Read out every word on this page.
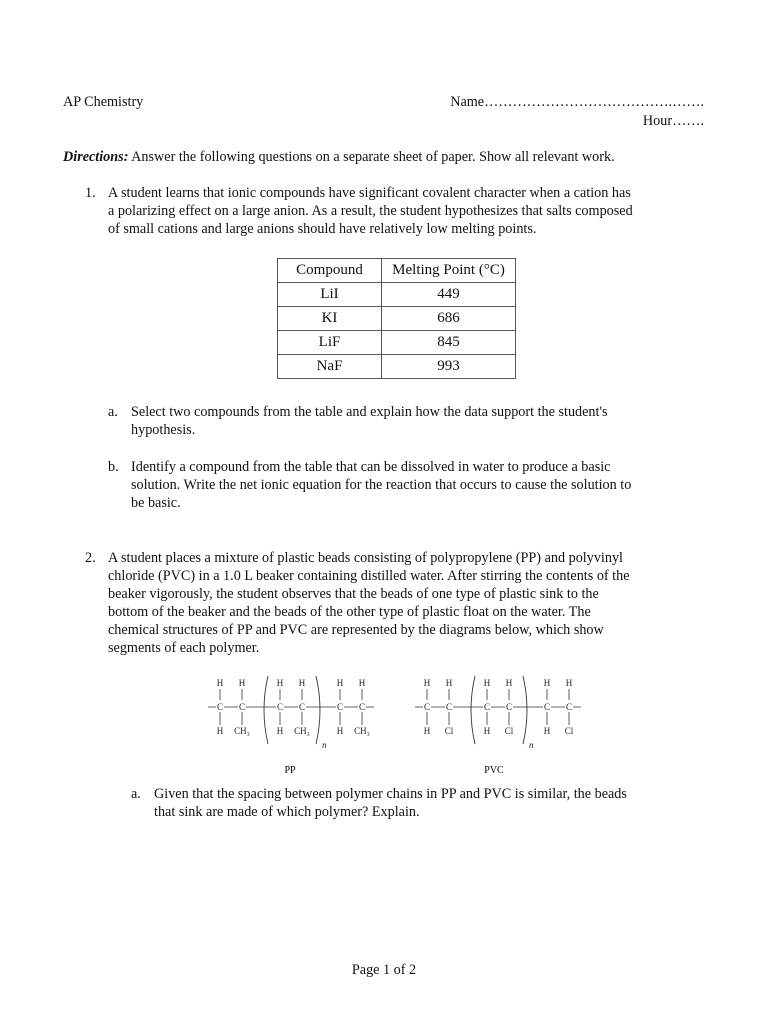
AP Chemistry	Name………………………………….…….
Hour…….
Directions: Answer the following questions on a separate sheet of paper. Show all relevant work.
1. A student learns that ionic compounds have significant covalent character when a cation has
a polarizing effect on a large anion. As a result, the student hypothesizes that salts composed
of small cations and large anions should have relatively low melting points.
Compound	Melting Point (°C)
LiI	449
KI	686
LiF	845
NaF	993
a. Select two compounds from the table and explain how the data support the student's
hypothesis.
b. Identify a compound from the table that can be dissolved in water to produce a basic
solution. Write the net ionic equation for the reaction that occurs to cause the solution to
be basic.
2. A student places a mixture of plastic beads consisting of polypropylene (PP) and polyvinyl
chloride (PVC) in a 1.0 L beaker containing distilled water. After stirring the contents of the
beaker vigorously, the student observes that the beads of one type of plastic sink to the
bottom of the beaker and the beads of the other type of plastic float on the water. The
chemical structures of PP and PVC are represented by the diagrams below, which show
segments of each polymer.
C
H
H
C
H
CH₃
C
H
H
C
H
CH₃
C
H
H
C
H
CH₃
n
C
H
H
C
H
Cl
C
H
H
C
H
Cl
C
H
H
C
H
Cl
n
PP	PVC
a. Given that the spacing between polymer chains in PP and PVC is similar, the beads
that sink are made of which polymer? Explain.
Page 1 of 2
